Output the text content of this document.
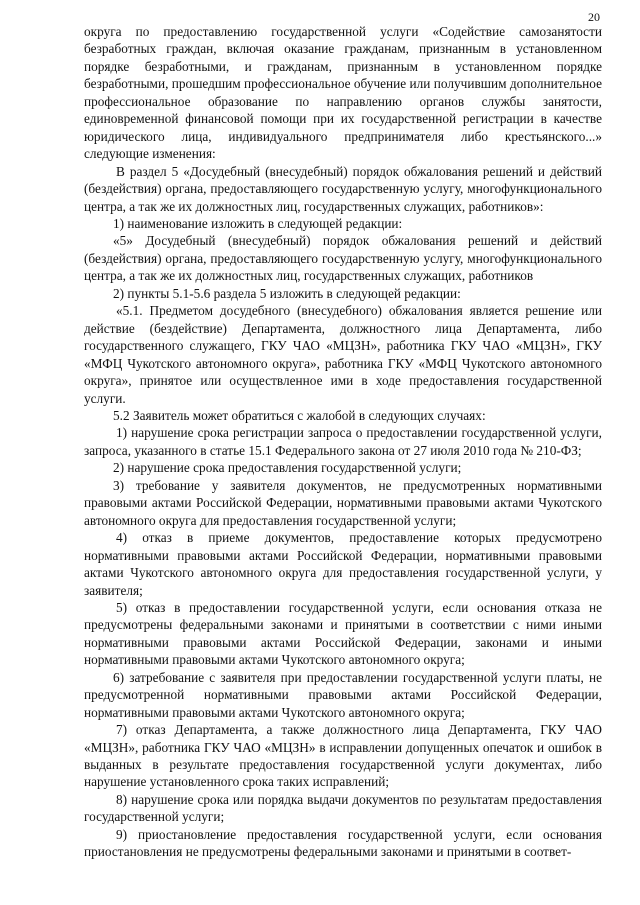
20

округа по предоставлению государственной услуги «Содействие самозанятости безработных граждан, включая оказание гражданам, признанным в установленном порядке безработными, и гражданам, признанным в установленном порядке безработными, прошедшим профессиональное обучение или получившим дополнительное профессиональное образование по направлению органов службы занятости, единовременной финансовой помощи при их государственной регистрации в качестве юридического лица, индивидуального предпринимателя либо крестьянского...» следующие изменения:

В раздел 5 «Досудебный (внесудебный) порядок обжалования решений и действий (бездействия) органа, предоставляющего государственную услугу, многофункционального центра, а так же их должностных лиц, государственных служащих, работников»:

1) наименование изложить в следующей редакции:

«5» Досудебный (внесудебный) порядок обжалования решений и действий (бездействия) органа, предоставляющего государственную услугу, многофункционального центра, а так же их должностных лиц, государственных служащих, работников

2) пункты 5.1-5.6 раздела 5 изложить в следующей редакции:

«5.1. Предметом досудебного (внесудебного) обжалования является решение или действие (бездействие) Департамента, должностного лица Департамента, либо государственного служащего, ГКУ ЧАО «МЦЗН», работника ГКУ ЧАО «МЦЗН», ГКУ «МФЦ Чукотского автономного округа», работника ГКУ «МФЦ Чукотского автономного округа», принятое или осуществленное ими в ходе предоставления государственной услуги.

5.2 Заявитель может обратиться с жалобой в следующих случаях:

1) нарушение срока регистрации запроса о предоставлении государственной услуги, запроса, указанного в статье 15.1 Федерального закона от 27 июля 2010 года № 210-ФЗ;

2) нарушение срока предоставления государственной услуги;

3) требование у заявителя документов, не предусмотренных нормативными правовыми актами Российской Федерации, нормативными правовыми актами Чукотского автономного округа для предоставления государственной услуги;

4) отказ в приеме документов, предоставление которых предусмотрено нормативными правовыми актами Российской Федерации, нормативными правовыми актами Чукотского автономного округа для предоставления государственной услуги, у заявителя;

5) отказ в предоставлении государственной услуги, если основания отказа не предусмотрены федеральными законами и принятыми в соответствии с ними иными нормативными правовыми актами Российской Федерации, законами и иными нормативными правовыми актами Чукотского автономного округа;

6) затребование с заявителя при предоставлении государственной услуги платы, не предусмотренной нормативными правовыми актами Российской Федерации, нормативными правовыми актами Чукотского автономного округа;

7) отказ Департамента, а также должностного лица Департамента, ГКУ ЧАО «МЦЗН», работника ГКУ ЧАО «МЦЗН» в исправлении допущенных опечаток и ошибок в выданных в результате предоставления государственной услуги документах, либо нарушение установленного срока таких исправлений;

8) нарушение срока или порядка выдачи документов по результатам предоставления государственной услуги;

9) приостановление предоставления государственной услуги, если основания приостановления не предусмотрены федеральными законами и принятыми в соответ-
